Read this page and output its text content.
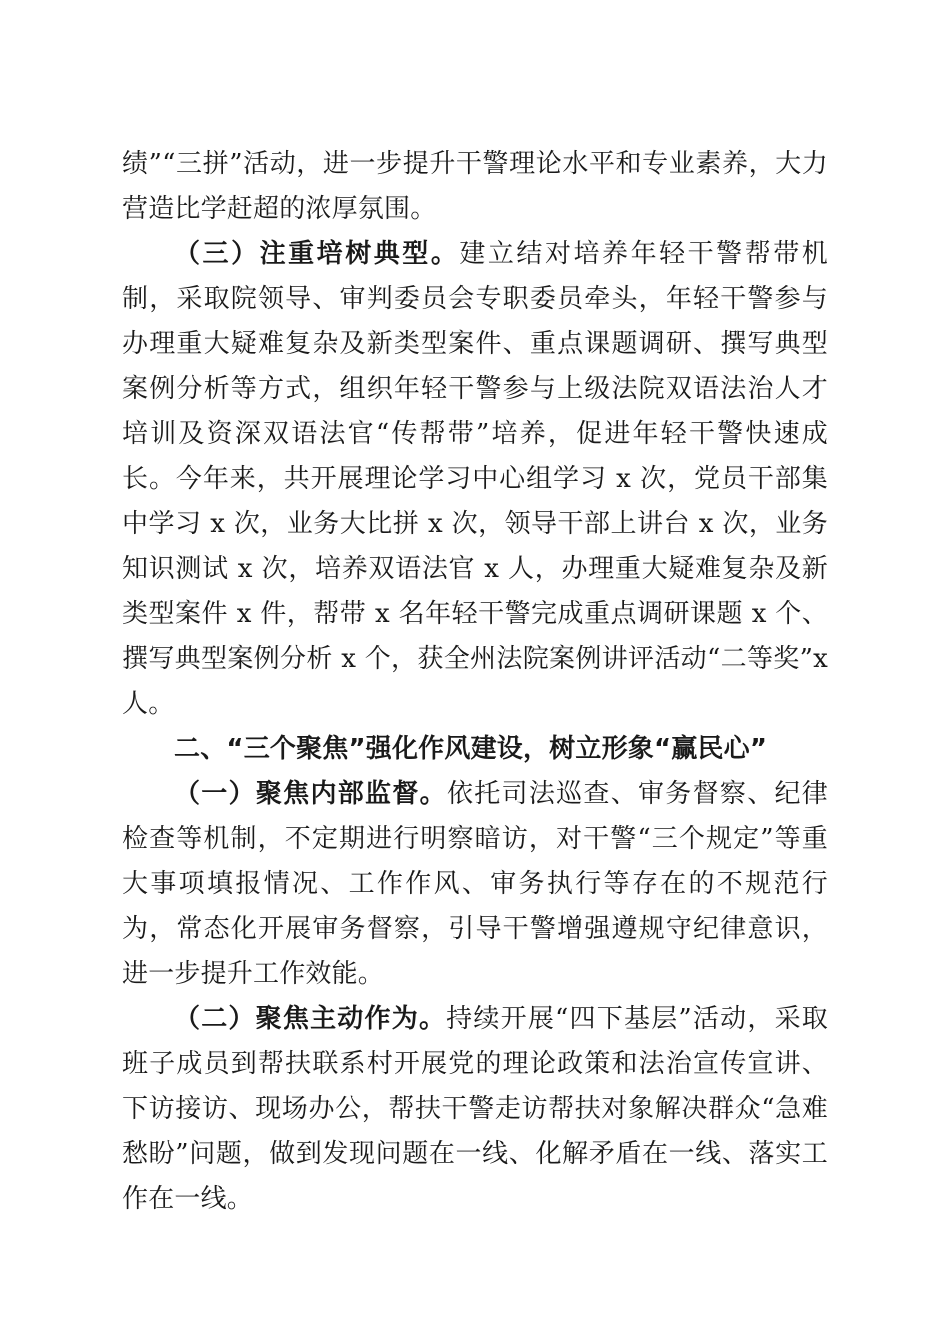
绩”“三拼”活动，进一步提升干警理论水平和专业素养，大力营造比学赶超的浓厚氛围。

（三）注重培树典型。建立结对培养年轻干警帮带机制，采取院领导、审判委员会专职委员牵头，年轻干警参与办理重大疑难复杂及新类型案件、重点课题调研、撰写典型案例分析等方式，组织年轻干警参与上级法院双语法治人才培训及资深双语法官“传帮带”培养，促进年轻干警快速成长。今年来，共开展理论学习中心组学习 x 次，党员干部集中学习 x 次，业务大比拼 x 次，领导干部上讲台 x 次，业务知识测试 x 次，培养双语法官 x 人，办理重大疑难复杂及新类型案件 x 件，帮带 x 名年轻干警完成重点调研课题 x 个、撰写典型案例分析 x 个，获全州法院案例讲评活动“二等奖”x 人。

二、“三个聚焦”强化作风建设，树立形象“赢民心”

（一）聚焦内部监督。依托司法巡查、审务督察、纪律检查等机制，不定期进行明察暗访，对干警“三个规定”等重大事项填报情况、工作作风、审务执行等存在的不规范行为，常态化开展审务督察，引导干警增强遵规守纪律意识，进一步提升工作效能。

（二）聚焦主动作为。持续开展“四下基层”活动，采取班子成员到帮扶联系村开展党的理论政策和法治宣传宣讲、下访接访、现场办公，帮扶干警走访帮扶对象解决群众“急难愁盼”问题，做到发现问题在一线、化解矛盾在一线、落实工作在一线。
